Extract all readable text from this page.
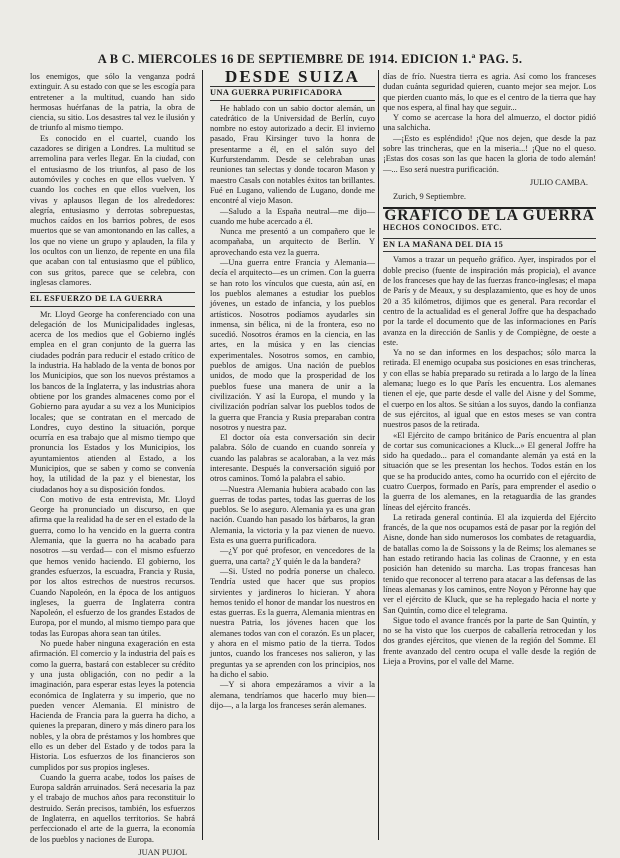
A B C. MIERCOLES 16 DE SEPTIEMBRE DE 1914. EDICION 1.ª PAG. 5.

los enemigos, que sólo la venganza podrá extinguir. A su estado con que se les escogía para entretener a la multitud, cuando han sido hermosas huérfanas de la patria, la obra de ciencia, su sitio. Los desastres tal vez le ilusión y de triunfo al mismo tiempo.

Es conocido en el cuartel, cuando los cazadores se dirigen a Londres. La multitud se arremolina para verles llegar. En la ciudad, con el entusiasmo de los triunfos, al paso de los automóviles y coches en que ellos vuelven. Y cuando los coches en que ellos vuelven, los vivas y aplausos llegan de los alrededores: alegría, entusiasmo y derrotas sobrepuestas, muchos caídos en los barrios pobres, de esos muertos que se van amontonando en las calles, a los que no viene un grupo y aplauden, la fila y los ocultos con un lienzo, de repente en una fila que acaban con tal entusiasmo que el público, con sus gritos, parece que se celebra, con inglesas clamores.

EL ESFUERZO DE LA GUERRA

Mr. Lloyd George ha conferenciado con una delegación de los Municipalidades inglesas, acerca de los medios que el Gobierno inglés emplea en el gran conjunto de la guerra las ciudades podrán para reducir el estado crítico de la industria. Ha hablado de la venta de bonos por los Municipios, que son los nuevos préstamos a los bancos de la Inglaterra, y las industrias ahora obtiene por los grandes almacenes como por el Gobierno para ayudar a su vez a los Municipios locales; que se contratan en el mercado de Londres, cuyo destino la situación, porque ocurría en esa trabajo que al mismo tiempo que pronuncia los Estados y los Municipios, los ayuntamientos atienden al Estado, a los Municipios, que se saben y como se convenía hoy, la utilidad de la paz y el bienestar, los ciudadanos hoy a su disposición fondos.

Con motivo de esta entrevista, Mr. Lloyd George ha pronunciado un discurso, en que afirma que la realidad ha de ser en el estado de la guerra, como lo ha vencido en la guerra contra Alemania, que la guerra no ha acabado para nosotros —su verdad— con el mismo esfuerzo que hemos venido haciendo. El gobierno, los grandes esfuerzos, la escuadra, Francia y Rusia, por los altos estrechos de nuestros recursos. Cuando Napoleón, en la época de los antiguos ingleses, la guerra de Inglaterra contra Napoleón, el esfuerzo de los grandes Estados de Europa, por el mundo, al mismo tiempo para que todas las Europas ahora sean tan útiles.

No puede haber ninguna exageración en esta afirmación. El comercio y la industria del país es como la guerra, bastará con establecer su crédito y una justa obligación, con no pedir a la imaginación, para esperar estas leyes la potencia económica de Inglaterra y su imperio, que no pueden vencer Alemania. El ministro de Hacienda de Francia para la guerra ha dicho, a quienes la preparan, dinero y más dinero para los nobles, y la obra de préstamos y los hombres que ello es un deber del Estado y de todos para la Historia. Los esfuerzos de los financieros son cumplidos por sus propios ingleses.

Cuando la guerra acabe, todos los países de Europa saldrán arruinados. Será necesaria la paz y el trabajo de muchos años para reconstituir lo destruido. Serán precisos, también, los esfuerzos de Inglaterra, en aquellos territorios. Se habrá perfeccionado el arte de la guerra, la economía de los pueblos y naciones de Europa.

JUAN PUJOL

DESDE SUIZA
UNA GUERRA PURIFICADORA

He hablado con un sabio doctor alemán, un catedrático de la Universidad de Berlín, cuyo nombre no estoy autorizado a decir. El invierno pasado, Frau Kirsinger tuvo la honra de presentarme a él, en el salón suyo del Kurfurstendamm. Desde se celebraban unas reuniones tan selectas y donde tocaron Mason y maestro Casals con notables éxitos tan brillantes. Fué en Lugano, valiendo de Lugano, donde me encontré al viejo Mason.

—Saludo a la España neutral—me dijo—cuando me hube acercado a él.

Nunca me presentó a un compañero que le acompañaba, un arquitecto de Berlín. Y aprovechando esta vez la guerra.

—Una guerra entre Francia y Alemania—decía el arquitecto—es un crimen. Con la guerra se han roto los vínculos que cuesta, aún así, en los pueblos alemanes a estudiar los pueblos jóvenes, un estado de infancia, y los pueblos artísticos. Nosotros podíamos ayudarles sin inmensa, sin bélica, ni de la frontera, eso no sucedió. Nosotros éramos en la ciencia, en las artes, en la música y en las ciencias experimentales. Nosotros somos, en cambio, pueblos de amigos. Una nación de pueblos unidos, de modo que la prosperidad de los pueblos fuese una manera de unir a la civilización. Y así la Europa, el mundo y la civilización podrían salvar los pueblos todos de la guerra que Francia y Rusia preparaban contra nosotros y nuestra paz.

El doctor oía esta conversación sin decir palabra. Sólo de cuando en cuando sonreía y cuando las palabras se acaloraban, a la vez más interesante. Después la conversación siguió por otros caminos. Tomó la palabra el sabio.

—Nuestra Alemania hubiera acabado con las guerras de todas partes, todas las guerras de los pueblos. Se lo aseguro. Alemania ya es una gran nación. Cuando han pasado los bárbaros, la gran Alemania, la victoria y la paz vienen de nuevo. Esta es una guerra purificadora.

—¿Y por qué profesor, en vencedores de la guerra, una carta? ¿Y quién le da la bandera?

—Si. Usted no podría ponerse un chaleco. Tendría usted que hacer que sus propios sirvientes y jardineros lo hicieran. Y ahora hemos tenido el honor de mandar los nuestros en estas guerras. Es la guerra, Alemania mientras en nuestra Patria, los jóvenes hacen que los alemanes todos van con el corazón. Es un placer, y ahora en el mismo patio de la tierra. Todos juntos, cuando los franceses nos salieron, y las preguntas ya se aprenden con los principios, nos ha dicho el sabio.

—Y si ahora empezáramos a vivir a la alemana, tendríamos que hacerlo muy bien—dijo—, a la larga los franceses serán alemanes.

días de frío. Nuestra tierra es agria. Así como los franceses dudan cuánta seguridad quieren, cuanto mejor sea mejor. Los que pierden cuanto más, lo que es el centro de la tierra que hay que nos espera, al final hay que seguir...

Y como se acercase la hora del almuerzo, el doctor pidió una salchicha.

—¡Esto es espléndido! ¡Que nos dejen, que desde la paz sobre las trincheras, que en la miseria...! ¡Que no el queso. ¡Estas dos cosas son las que hacen la gloria de todo alemán!—... Eso será nuestra purificación.

JULIO CAMBA.

Zurich, 9 Septiembre.

GRAFICO DE LA GUERRA
HECHOS CONOCIDOS. ETC.
EN LA MAÑANA DEL DIA 15

Vamos a trazar un pequeño gráfico. Ayer, inspirados por el doble preciso (fuente de inspiración más propicia), el avance de los franceses que hay de las fuerzas franco-inglesas; el mapa de París y de Meaux, y su desplazamiento, que es hoy de unos 20 a 35 kilómetros, dijimos que es general. Para recordar el centro de la actualidad es el general Joffre que ha despachado por la tarde el documento que de las informaciones en París avanza en la dirección de Sanlis y de Compiègne, de oeste a este.

Ya no se dan informes en los despachos; sólo marca la retirada. El enemigo ocupaba sus posiciones en esas trincheras, y con ellas se había preparado su retirada a lo largo de la línea alemana; luego es lo que París les encuentra. Los alemanes tienen el eje, que parte desde el valle del Aisne y del Somme, el cuerpo en los altos. Se sitúan a los suyos, dando la confianza de sus ejércitos, al igual que en estos meses se van contra nuestros pasos de la retirada.

«El Ejército de campo británico de París encuentra al plan de cortar sus comunicaciones a Kluck...» El general Joffre ha sido ha quedado... para el comandante alemán ya está en la situación que se les presentan los hechos. Todos están en los que se ha producido antes, como ha ocurrido con el ejército de cuatro Cuerpos, formado en París, para emprender el asedio o la guerra de los alemanes, en la retaguardia de las grandes líneas del ejército francés.

La retirada general continúa. El ala izquierda del Ejército francés, de la que nos ocupamos está de pasar por la región del Aisne, donde han sido numerosos los combates de retaguardia, de batallas como la de Soissons y la de Reims; los alemanes se han estado retirando hacia las colinas de Craonne, y en esta posición han detenido su marcha. Las tropas francesas han tenido que reconocer al terreno para atacar a las defensas de las líneas alemanas y los caminos, entre Noyon y Péronne hay que ver el ejército de Kluck, que se ha replegado hacia el norte y San Quintín, como dice el telegrama.

Sigue todo el avance francés por la parte de San Quintín, y no se ha visto que los cuerpos de caballería retrocedan y los dos grandes ejércitos, que vienen de la región del Somme. El frente avanzado del centro ocupa el valle desde la región de Lieja a Provins, por el valle del Marne.
